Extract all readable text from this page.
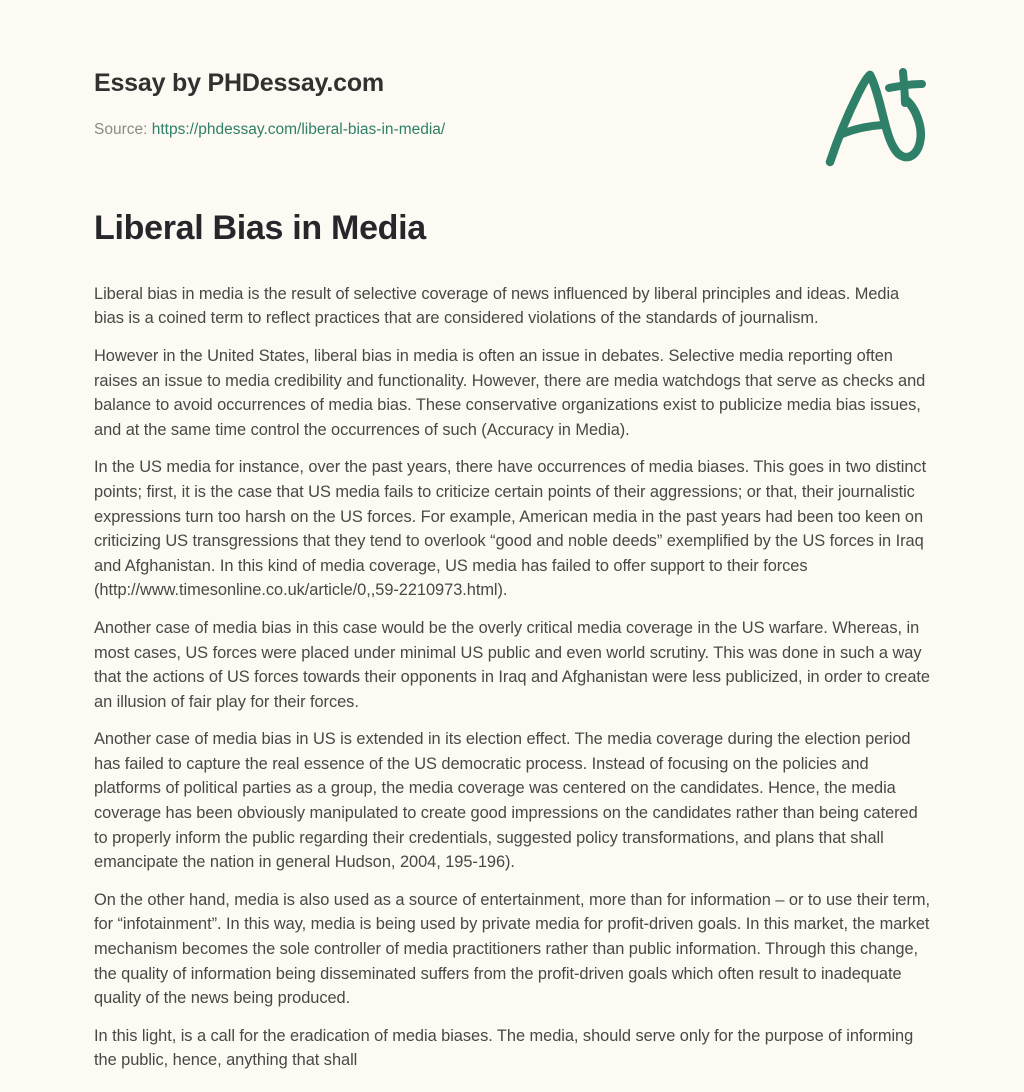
Essay by PHDessay.com
Source: https://phdessay.com/liberal-bias-in-media/
Liberal Bias in Media

Liberal bias in media is the result of selective coverage of news influenced by liberal principles and ideas. Media bias is a coined term to reflect practices that are considered violations of the standards of journalism.

However in the United States, liberal bias in media is often an issue in debates. Selective media reporting often raises an issue to media credibility and functionality. However, there are media watchdogs that serve as checks and balance to avoid occurrences of media bias. These conservative organizations exist to publicize media bias issues, and at the same time control the occurrences of such (Accuracy in Media).

In the US media for instance, over the past years, there have occurrences of media biases. This goes in two distinct points; first, it is the case that US media fails to criticize certain points of their aggressions; or that, their journalistic expressions turn too harsh on the US forces. For example, American media in the past years had been too keen on criticizing US transgressions that they tend to overlook “good and noble deeds” exemplified by the US forces in Iraq and Afghanistan. In this kind of media coverage, US media has failed to offer support to their forces (http://www.timesonline.co.uk/article/0,,59-2210973.html).

Another case of media bias in this case would be the overly critical media coverage in the US warfare. Whereas, in most cases, US forces were placed under minimal US public and even world scrutiny. This was done in such a way that the actions of US forces towards their opponents in Iraq and Afghanistan were less publicized, in order to create an illusion of fair play for their forces.

Another case of media bias in US is extended in its election effect. The media coverage during the election period has failed to capture the real essence of the US democratic process. Instead of focusing on the policies and platforms of political parties as a group, the media coverage was centered on the candidates. Hence, the media coverage has been obviously manipulated to create good impressions on the candidates rather than being catered to properly inform the public regarding their credentials, suggested policy transformations, and plans that shall emancipate the nation in general Hudson, 2004, 195-196).

On the other hand, media is also used as a source of entertainment, more than for information – or to use their term, for “infotainment”. In this way, media is being used by private media for profit-driven goals. In this market, the market mechanism becomes the sole controller of media practitioners rather than public information. Through this change, the quality of information being disseminated suffers from the profit-driven goals which often result to inadequate quality of the news being produced.

In this light, is a call for the eradication of media biases. The media, should serve only for the purpose of informing the public, hence, anything that shall
